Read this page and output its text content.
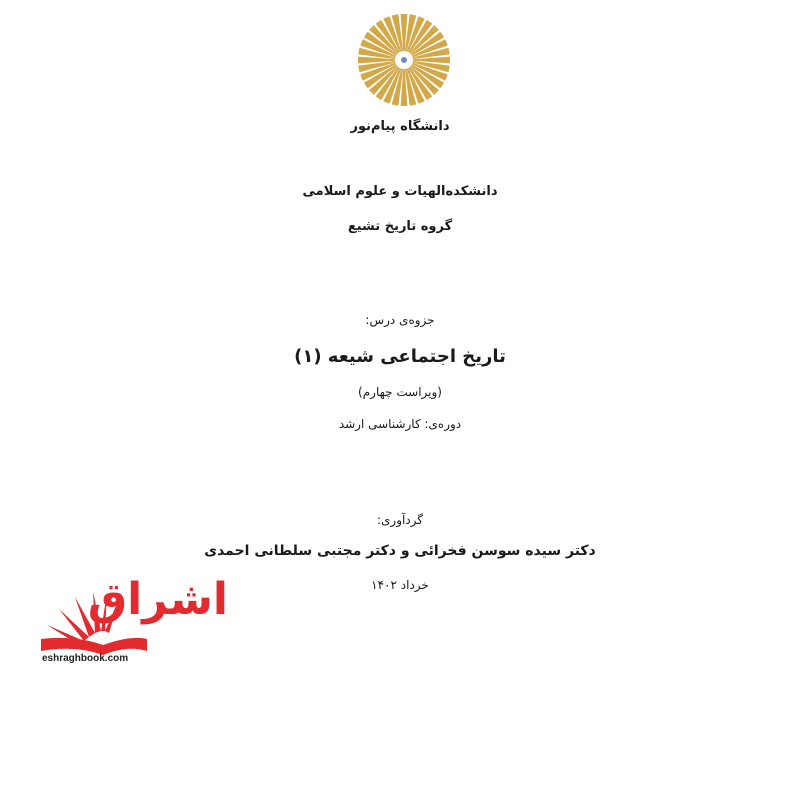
دانشگاه پیام‌نور
دانشکده‌الهیات و علوم اسلامی
گروه تاریخ تشیع
جزوه‌ی درس:
تاریخ اجتماعی شیعه (۱)
(ویراست چهارم)
دوره‌ی: کارشناسی ارشد
گردآوری:
دکتر سیده سوسن فخرائی و دکتر مجتبی سلطانی احمدی
خرداد ۱۴۰۲
اشراق
eshraghbook.com
